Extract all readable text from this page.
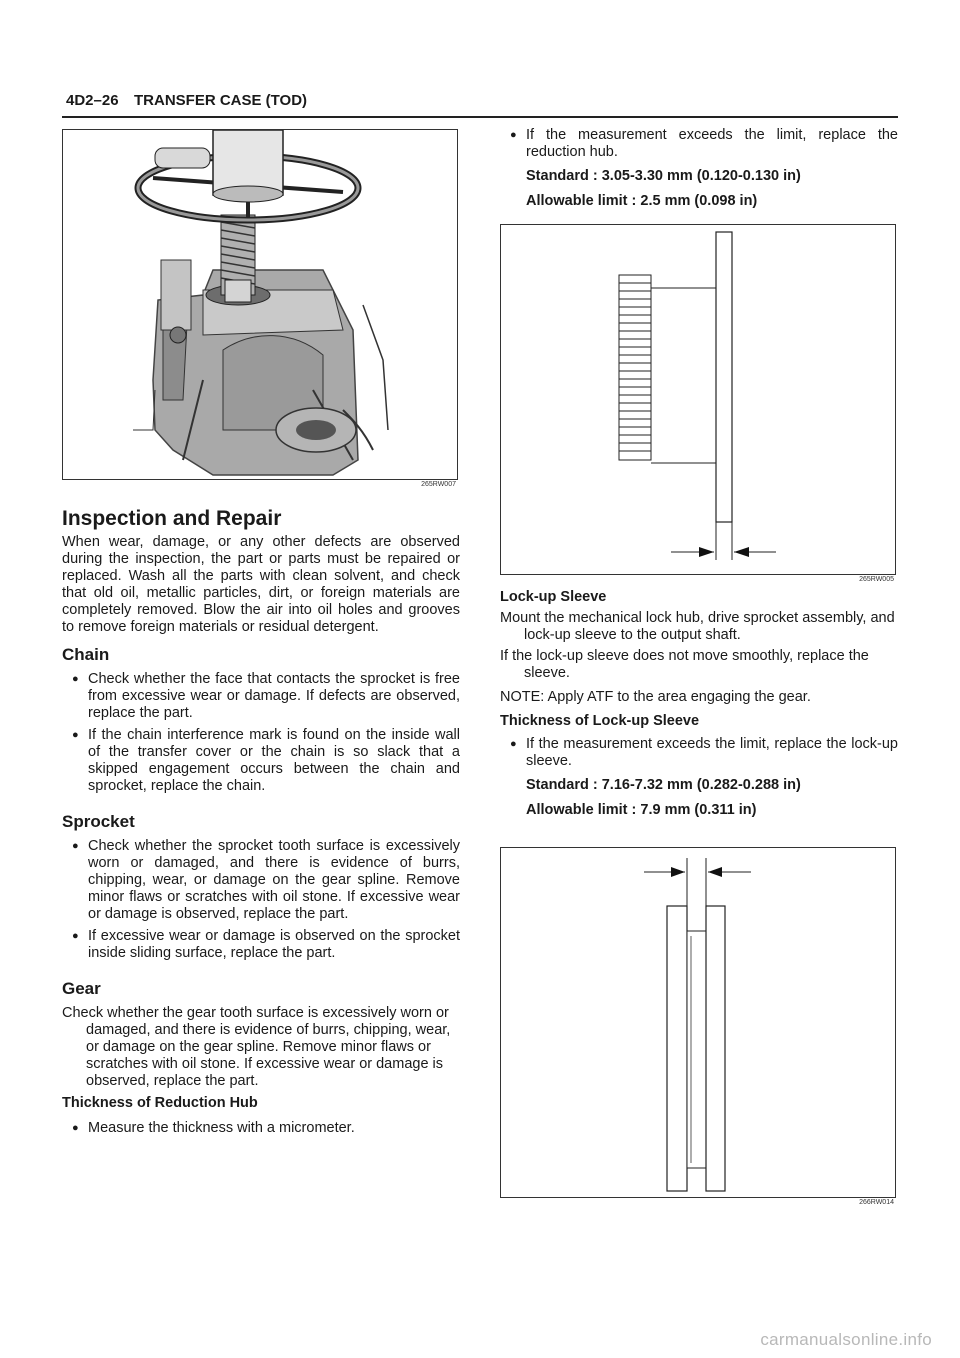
4D2–26 TRANSFER CASE (TOD)
265RW007
Inspection and Repair

When wear, damage, or any other defects are observed during the inspection, the part or parts must be repaired or replaced. Wash all the parts with clean solvent, and check that old oil, metallic particles, dirt, or foreign materials are completely removed. Blow the air into oil holes and grooves to remove foreign materials or residual detergent.

Chain
● Check whether the face that contacts the sprocket is free from excessive wear or damage. If defects are observed, replace the part.
● If the chain interference mark is found on the inside wall of the transfer cover or the chain is so slack that a skipped engagement occurs between the chain and sprocket, replace the chain.
Sprocket
● Check whether the sprocket tooth surface is excessively worn or damaged, and there is evidence of burrs, chipping, wear, or damage on the gear spline. Remove minor flaws or scratches with oil stone. If excessive wear or damage is observed, replace the part.
● If excessive wear or damage is observed on the sprocket inside sliding surface, replace the part.
Gear

Check whether the gear tooth surface is excessively worn or damaged, and there is evidence of burrs, chipping, wear, or damage on the gear spline. Remove minor flaws or scratches with oil stone. If excessive wear or damage is observed, replace the part.

Thickness of Reduction Hub

● Measure the thickness with a micrometer.
● If the measurement exceeds the limit, replace the reduction hub.

Standard : 3.05-3.30 mm (0.120-0.130 in)

Allowable limit : 2.5 mm (0.098 in)

265RW005

Lock-up Sleeve

Mount the mechanical lock hub, drive sprocket assembly, and lock-up sleeve to the output shaft.

If the lock-up sleeve does not move smoothly, replace the sleeve.

NOTE: Apply ATF to the area engaging the gear.

Thickness of Lock-up Sleeve

● If the measurement exceeds the limit, replace the lock-up sleeve.

Standard : 7.16-7.32 mm (0.282-0.288 in)

Allowable limit : 7.9 mm (0.311 in)

266RW014
carmanualsonline.info
